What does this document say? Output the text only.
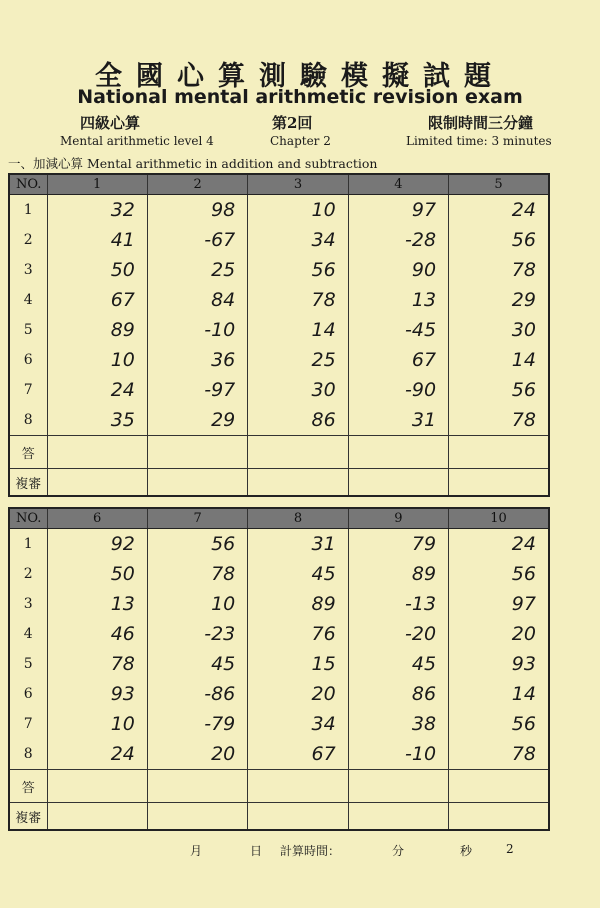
全國心算測驗模擬試題
National mental arithmetic revision exam
四級心算
Mental arithmetic level 4
第2回
Chapter 2
限制時間三分鐘
Limited time: 3 minutes
一、加減心算 Mental arithmetic in addition and subtraction
NO.	1	2	3	4	5
1	32	98	10	97	24
2	41	-67	34	-28	56
3	50	25	56	90	78
4	67	84	78	13	29
5	89	-10	14	-45	30
6	10	36	25	67	14
7	24	-97	30	-90	56
8	35	29	86	31	78
答					
複審					
NO.	6	7	8	9	10
1	92	56	31	79	24
2	50	78	45	89	56
3	13	10	89	-13	97
4	46	-23	76	-20	20
5	78	45	15	45	93
6	93	-86	20	86	14
7	10	-79	34	38	56
8	24	20	67	-10	78
答					
複審					
月	日 計算時間：	分	秒	2
